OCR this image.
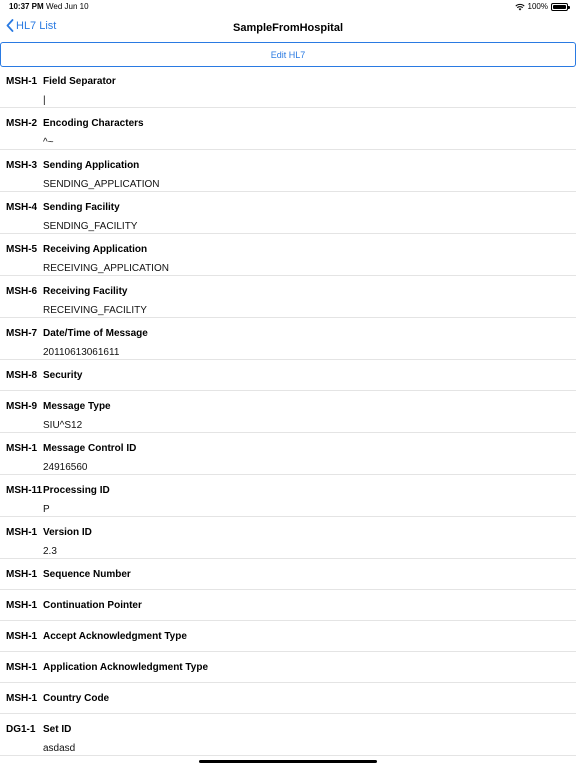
10:37 PM Wed Jun 10	100%
HL7 List	SampleFromHospital
Edit HL7
MSH-1 Field Separator
|
MSH-2 Encoding Characters
^~
MSH-3 Sending Application
SENDING_APPLICATION
MSH-4 Sending Facility
SENDING_FACILITY
MSH-5 Receiving Application
RECEIVING_APPLICATION
MSH-6 Receiving Facility
RECEIVING_FACILITY
MSH-7 Date/Time of Message
20110613061611
MSH-8 Security
MSH-9 Message Type
SIU^S12
MSH-1 Message Control ID
24916560
MSH-11 Processing ID
P
MSH-1 Version ID
2.3
MSH-1 Sequence Number
MSH-1 Continuation Pointer
MSH-1 Accept Acknowledgment Type
MSH-1 Application Acknowledgment Type
MSH-1 Country Code
DG1-1 Set ID
asdasd
